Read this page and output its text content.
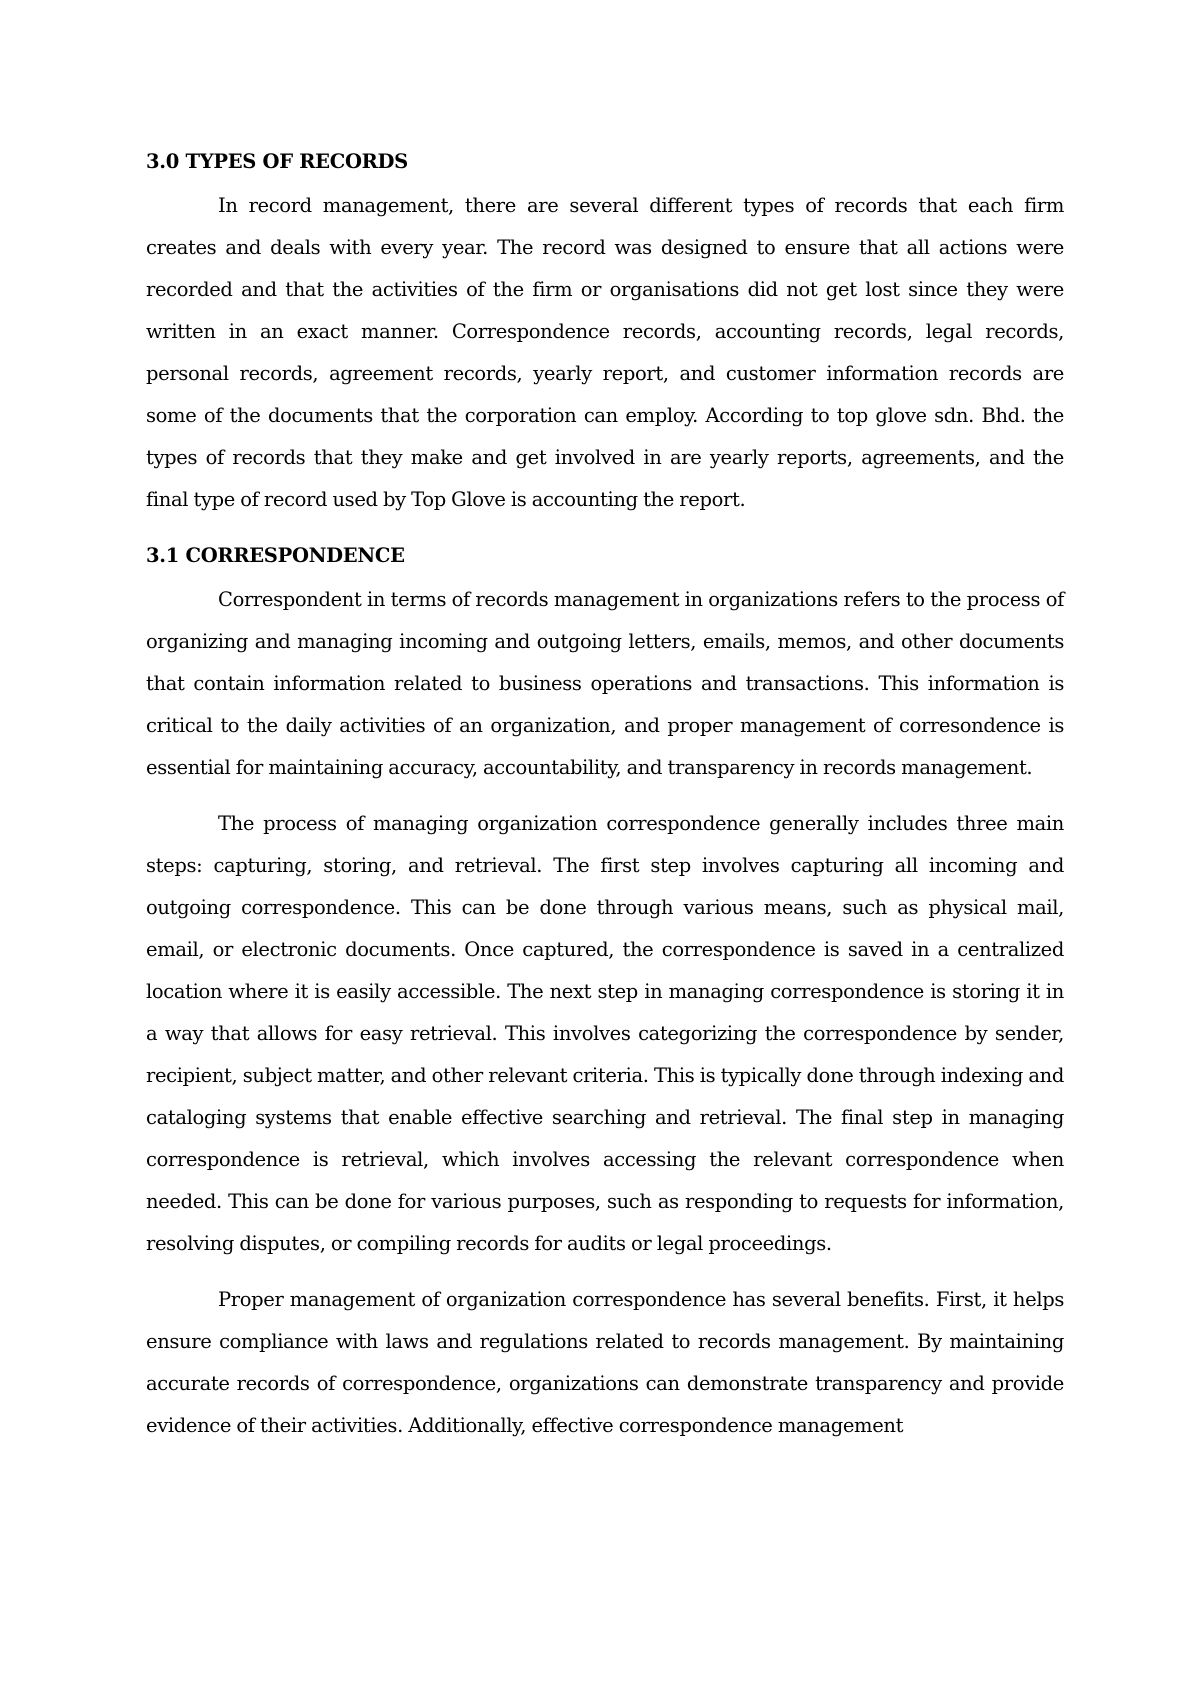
3.0 TYPES OF RECORDS

In record management, there are several different types of records that each firm creates and deals with every year. The record was designed to ensure that all actions were recorded and that the activities of the firm or organisations did not get lost since they were written in an exact manner. Correspondence records, accounting records, legal records, personal records, agreement records, yearly report, and customer information records are some of the documents that the corporation can employ. According to top glove sdn. Bhd. the types of records that they make and get involved in are yearly reports, agreements, and the final type of record used by Top Glove is accounting the report.

3.1 CORRESPONDENCE

Correspondent in terms of records management in organizations refers to the process of organizing and managing incoming and outgoing letters, emails, memos, and other documents that contain information related to business operations and transactions. This information is critical to the daily activities of an organization, and proper management of corresondence is essential for maintaining accuracy, accountability, and transparency in records management.

The process of managing organization correspondence generally includes three main steps: capturing, storing, and retrieval. The first step involves capturing all incoming and outgoing correspondence. This can be done through various means, such as physical mail, email, or electronic documents. Once captured, the correspondence is saved in a centralized location where it is easily accessible. The next step in managing correspondence is storing it in a way that allows for easy retrieval. This involves categorizing the correspondence by sender, recipient, subject matter, and other relevant criteria. This is typically done through indexing and cataloging systems that enable effective searching and retrieval. The final step in managing correspondence is retrieval, which involves accessing the relevant correspondence when needed. This can be done for various purposes, such as responding to requests for information, resolving disputes, or compiling records for audits or legal proceedings.

Proper management of organization correspondence has several benefits. First, it helps ensure compliance with laws and regulations related to records management. By maintaining accurate records of correspondence, organizations can demonstrate transparency and provide evidence of their activities. Additionally, effective correspondence management
